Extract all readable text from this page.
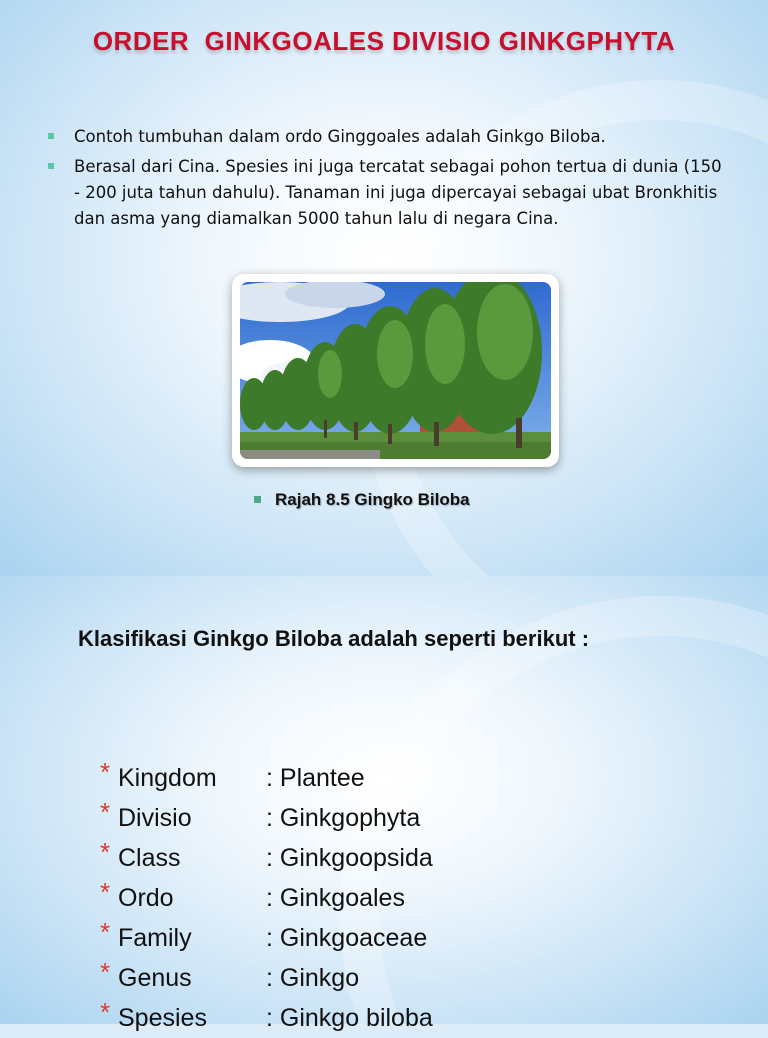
ORDER  GINKGOALES DIVISIO GINKGPHYTA
Contoh tumbuhan dalam ordo Ginggoales adalah Ginkgo Biloba.
Berasal dari Cina. Spesies ini juga tercatat sebagai pohon tertua di dunia (150 - 200 juta tahun dahulu). Tanaman ini juga dipercayai sebagai ubat Bronkhitis dan asma yang diamalkan 5000 tahun lalu di negara Cina.
Rajah 8.5 Gingko Biloba
Klasifikasi Ginkgo Biloba adalah seperti berikut :
* Kingdom : Plantee
* Divisio	: Ginkgophyta
* Class	: Ginkgoopsida
* Ordo	: Ginkgoales
* Family	: Ginkgoaceae
* Genus	: Ginkgo
* Spesies : Ginkgo biloba
